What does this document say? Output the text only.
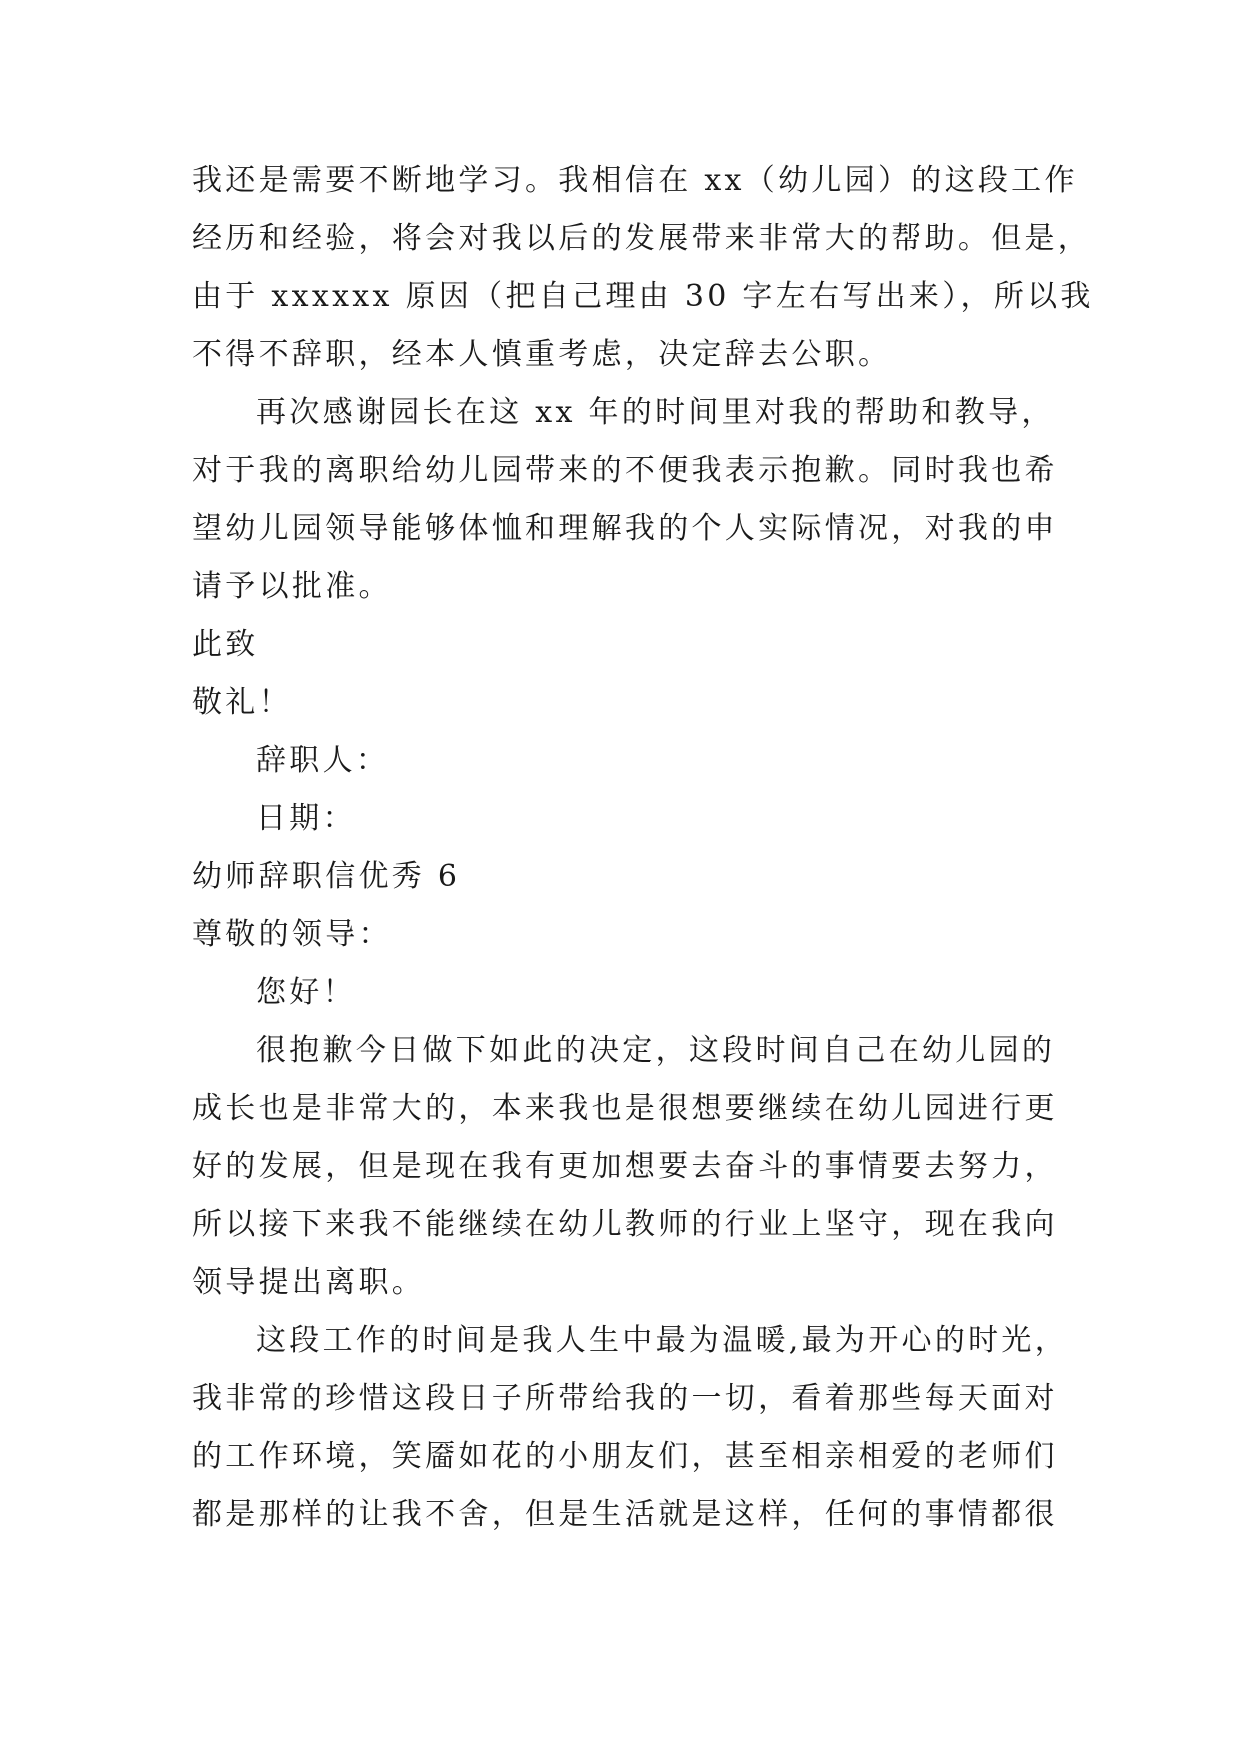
我还是需要不断地学习。我相信在 xx（幼儿园）的这段工作
经历和经验，将会对我以后的发展带来非常大的帮助。但是，
由于 xxxxxx 原因（把自己理由 30 字左右写出来），所以我
不得不辞职，经本人慎重考虑，决定辞去公职。
再次感谢园长在这 xx 年的时间里对我的帮助和教导，
对于我的离职给幼儿园带来的不便我表示抱歉。同时我也希
望幼儿园领导能够体恤和理解我的个人实际情况，对我的申
请予以批准。
此致
敬礼！
辞职人：
日期：
幼师辞职信优秀 6
尊敬的领导：
您好！
很抱歉今日做下如此的决定，这段时间自己在幼儿园的
成长也是非常大的，本来我也是很想要继续在幼儿园进行更
好的发展，但是现在我有更加想要去奋斗的事情要去努力，
所以接下来我不能继续在幼儿教师的行业上坚守，现在我向
领导提出离职。
这段工作的时间是我人生中最为温暖,最为开心的时光，
我非常的珍惜这段日子所带给我的一切，看着那些每天面对
的工作环境，笑靥如花的小朋友们，甚至相亲相爱的老师们
都是那样的让我不舍，但是生活就是这样，任何的事情都很
